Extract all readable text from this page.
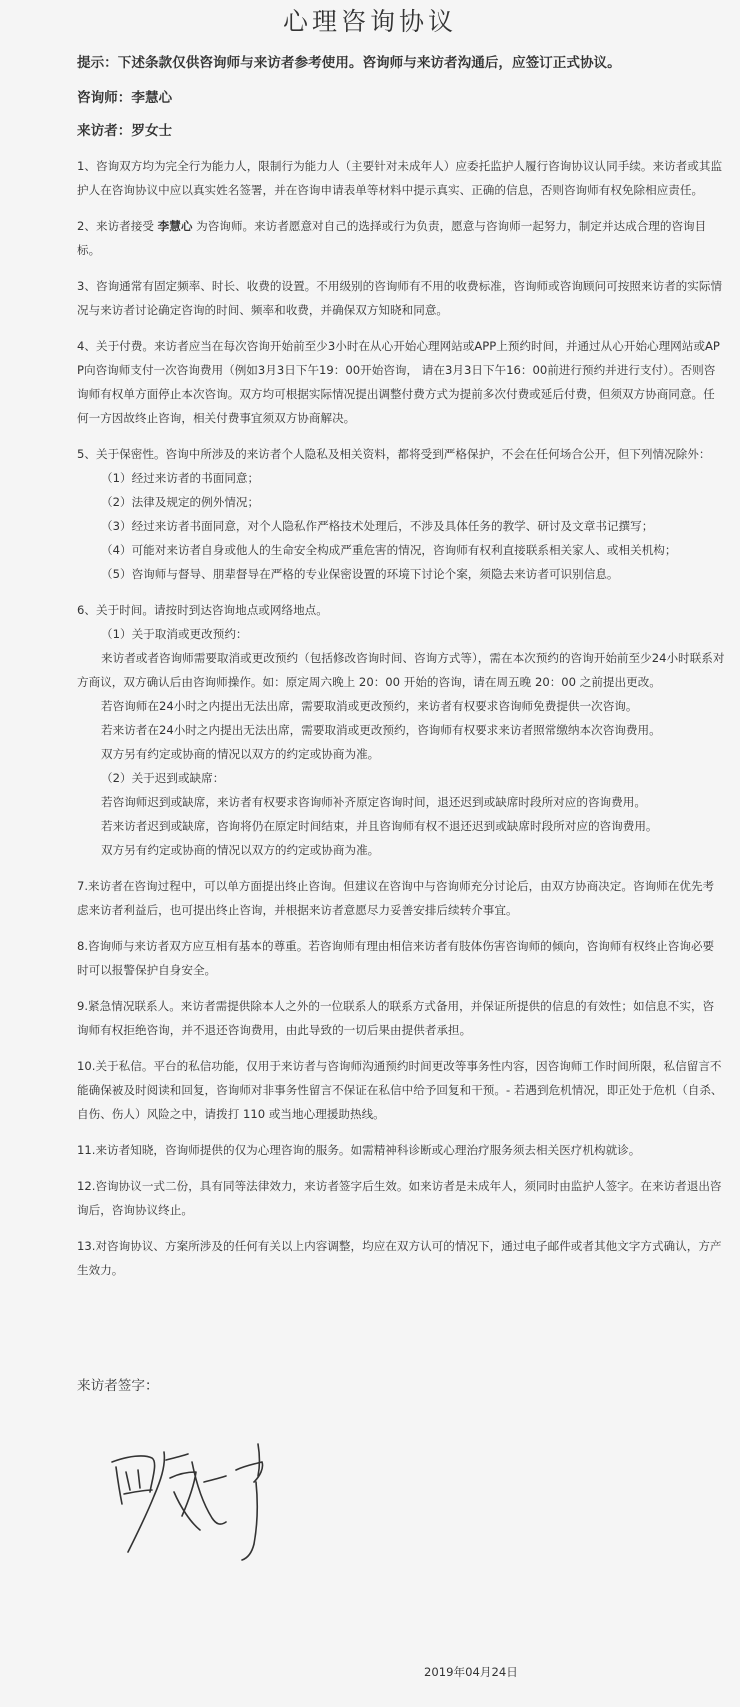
心理咨询协议
提示：下述条款仅供咨询师与来访者参考使用。咨询师与来访者沟通后，应签订正式协议。
咨询师：李慧心
来访者：罗女士

1、咨询双方均为完全行为能力人，限制行为能力人（主要针对未成年人）应委托监护人履行咨询协议认同手续。来访者或其监护人在咨询协议中应以真实姓名签署，并在咨询申请表单等材料中提示真实、正确的信息，否则咨询师有权免除相应责任。

2、来访者接受 李慧心 为咨询师。来访者愿意对自己的选择或行为负责，愿意与咨询师一起努力，制定并达成合理的咨询目标。

3、咨询通常有固定频率、时长、收费的设置。不用级别的咨询师有不用的收费标准，咨询师或咨询顾问可按照来访者的实际情况与来访者讨论确定咨询的时间、频率和收费，并确保双方知晓和同意。

4、关于付费。来访者应当在每次咨询开始前至少3小时在从心开始心理网站或APP上预约时间，并通过从心开始心理网站或APP向咨询师支付一次咨询费用（例如3月3日下午19：00开始咨询， 请在3月3日下午16：00前进行预约并进行支付）。否则咨询师有权单方面停止本次咨询。双方均可根据实际情况提出调整付费方式为提前多次付费或延后付费，但须双方协商同意。任何一方因故终止咨询，相关付费事宜须双方协商解决。

5、关于保密性。咨询中所涉及的来访者个人隐私及相关资料，都将受到严格保护，不会在任何场合公开，但下列情况除外：
（1）经过来访者的书面同意；
（2）法律及规定的例外情况；
（3）经过来访者书面同意，对个人隐私作严格技术处理后，不涉及具体任务的教学、研讨及文章书记撰写；
（4）可能对来访者自身或他人的生命安全构成严重危害的情况，咨询师有权利直接联系相关家人、或相关机构；
（5）咨询师与督导、朋辈督导在严格的专业保密设置的环境下讨论个案，须隐去来访者可识别信息。
6、关于时间。请按时到达咨询地点或网络地点。
（1）关于取消或更改预约：
来访者或者咨询师需要取消或更改预约（包括修改咨询时间、咨询方式等），需在本次预约的咨询开始前至少24小时联系对方商议，双方确认后由咨询师操作。如：原定周六晚上 20：00 开始的咨询，请在周五晚 20：00 之前提出更改。
若咨询师在24小时之内提出无法出席，需要取消或更改预约，来访者有权要求咨询师免费提供一次咨询。
若来访者在24小时之内提出无法出席，需要取消或更改预约，咨询师有权要求来访者照常缴纳本次咨询费用。
双方另有约定或协商的情况以双方的约定或协商为准。
（2）关于迟到或缺席：
若咨询师迟到或缺席，来访者有权要求咨询师补齐原定咨询时间，退还迟到或缺席时段所对应的咨询费用。
若来访者迟到或缺席，咨询将仍在原定时间结束，并且咨询师有权不退还迟到或缺席时段所对应的咨询费用。
双方另有约定或协商的情况以双方的约定或协商为准。

7.来访者在咨询过程中，可以单方面提出终止咨询。但建议在咨询中与咨询师充分讨论后，由双方协商决定。咨询师在优先考虑来访者利益后，也可提出终止咨询，并根据来访者意愿尽力妥善安排后续转介事宜。

8.咨询师与来访者双方应互相有基本的尊重。若咨询师有理由相信来访者有肢体伤害咨询师的倾向，咨询师有权终止咨询必要时可以报警保护自身安全。

9.紧急情况联系人。来访者需提供除本人之外的一位联系人的联系方式备用，并保证所提供的信息的有效性；如信息不实，咨询师有权拒绝咨询，并不退还咨询费用，由此导致的一切后果由提供者承担。

10.关于私信。平台的私信功能，仅用于来访者与咨询师沟通预约时间更改等事务性内容，因咨询师工作时间所限，私信留言不能确保被及时阅读和回复，咨询师对非事务性留言不保证在私信中给予回复和干预。- 若遇到危机情况，即正处于危机（自杀、自伤、伤人）风险之中，请拨打 110 或当地心理援助热线。

11.来访者知晓，咨询师提供的仅为心理咨询的服务。如需精神科诊断或心理治疗服务须去相关医疗机构就诊。

12.咨询协议一式二份，具有同等法律效力，来访者签字后生效。如来访者是未成年人，须同时由监护人签字。在来访者退出咨询后，咨询协议终止。

13.对咨询协议、方案所涉及的任何有关以上内容调整，均应在双方认可的情况下，通过电子邮件或者其他文字方式确认，方产生效力。

来访者签字：
2019年04月24日
